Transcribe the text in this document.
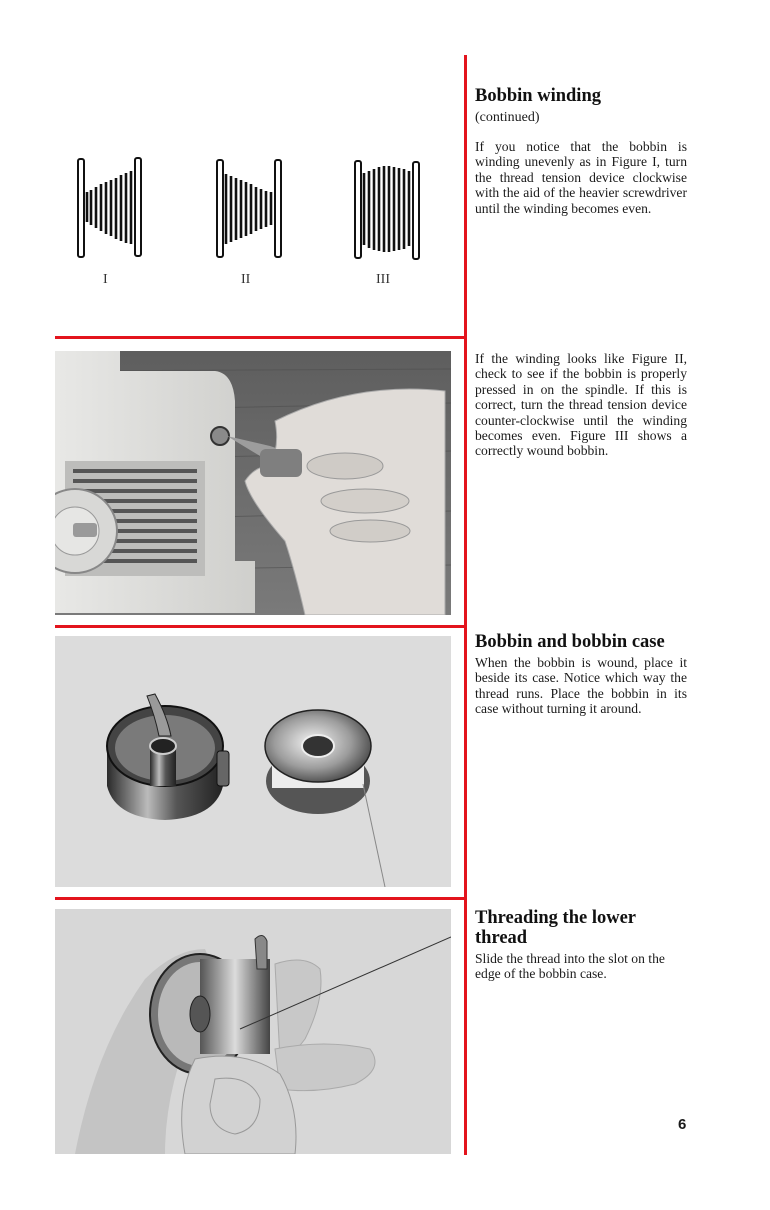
I	II	III
Bobbin winding

(continued)

If you notice that the bobbin is winding unevenly as in Figure I, turn the thread tension device clockwise with the aid of the heavier screwdriver until the winding becomes even.

If the winding looks like Figure II, check to see if the bobbin is properly pressed in on the spindle. If this is correct, turn the thread tension device counter-clockwise until the winding becomes even. Figure III shows a correctly wound bobbin.

Bobbin and bobbin case

When the bobbin is wound, place it beside its case. Notice which way the thread runs. Place the bobbin in its case without turning it around.

Threading the lower thread

Slide the thread into the slot on the edge of the bobbin case.

6
